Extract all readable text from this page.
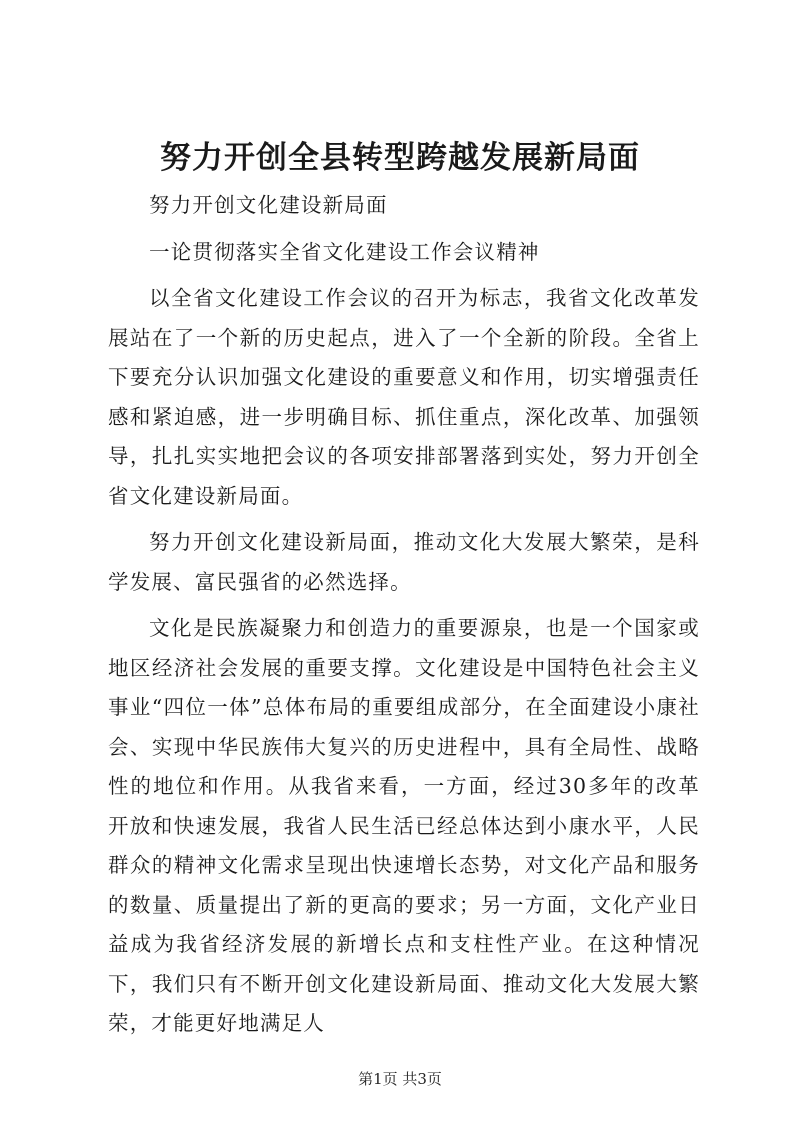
努力开创全县转型跨越发展新局面

努力开创文化建设新局面

一论贯彻落实全省文化建设工作会议精神

以全省文化建设工作会议的召开为标志，我省文化改革发展站在了一个新的历史起点，进入了一个全新的阶段。全省上下要充分认识加强文化建设的重要意义和作用，切实增强责任感和紧迫感，进一步明确目标、抓住重点，深化改革、加强领导，扎扎实实地把会议的各项安排部署落到实处，努力开创全省文化建设新局面。

努力开创文化建设新局面，推动文化大发展大繁荣，是科学发展、富民强省的必然选择。

文化是民族凝聚力和创造力的重要源泉，也是一个国家或地区经济社会发展的重要支撑。文化建设是中国特色社会主义事业“四位一体”总体布局的重要组成部分，在全面建设小康社会、实现中华民族伟大复兴的历史进程中，具有全局性、战略性的地位和作用。从我省来看，一方面，经过30多年的改革开放和快速发展，我省人民生活已经总体达到小康水平，人民群众的精神文化需求呈现出快速增长态势，对文化产品和服务的数量、质量提出了新的更高的要求；另一方面，文化产业日益成为我省经济发展的新增长点和支柱性产业。在这种情况下，我们只有不断开创文化建设新局面、推动文化大发展大繁荣，才能更好地满足人

第1页 共3页
